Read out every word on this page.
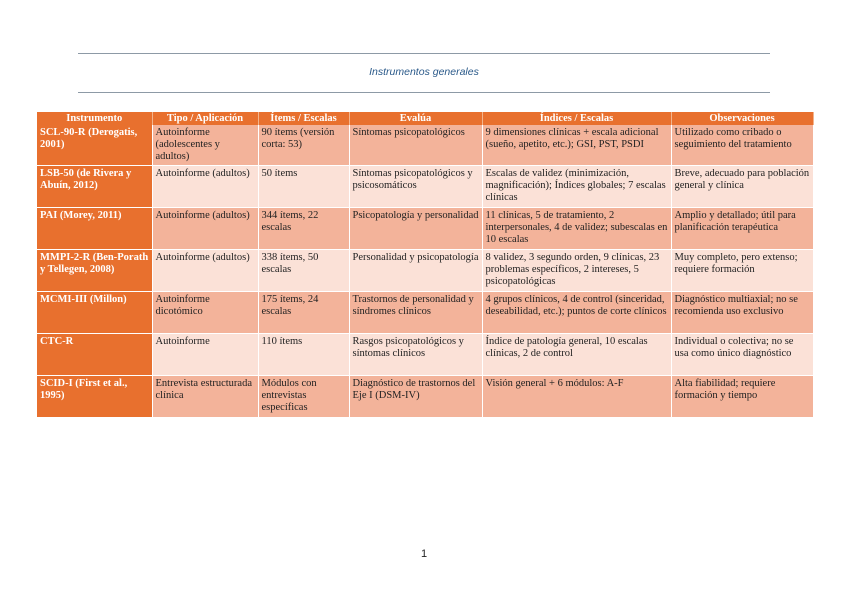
Instrumentos generales
Instrumento	Tipo / Aplicación	Ítems / Escalas	Evalúa	Índices / Escalas	Observaciones
SCL-90-R (Derogatis, 2001)	Autoinforme (adolescentes y adultos)	90 ítems (versión corta: 53)	Síntomas psicopatológicos	9 dimensiones clínicas + escala adicional (sueño, apetito, etc.); GSI, PST, PSDI	Utilizado como cribado o seguimiento del tratamiento
LSB-50 (de Rivera y Abuín, 2012)	Autoinforme (adultos)	50 ítems	Síntomas psicopatológicos y psicosomáticos	Escalas de validez (minimización, magnificación); Índices globales; 7 escalas clínicas	Breve, adecuado para población general y clínica
PAI (Morey, 2011)	Autoinforme (adultos)	344 ítems, 22 escalas	Psicopatología y personalidad	11 clínicas, 5 de tratamiento, 2 interpersonales, 4 de validez; subescalas en 10 escalas	Amplio y detallado; útil para planificación terapéutica
MMPI-2-R (Ben-Porath y Tellegen, 2008)	Autoinforme (adultos)	338 ítems, 50 escalas	Personalidad y psicopatología	8 validez, 3 segundo orden, 9 clínicas, 23 problemas específicos, 2 intereses, 5 psicopatológicas	Muy completo, pero extenso; requiere formación
MCMI-III (Millon)	Autoinforme dicotómico	175 ítems, 24 escalas	Trastornos de personalidad y síndromes clínicos	4 grupos clínicos, 4 de control (sinceridad, deseabilidad, etc.); puntos de corte clínicos	Diagnóstico multiaxial; no se recomienda uso exclusivo
CTC-R	Autoinforme	110 ítems	Rasgos psicopatológicos y síntomas clínicos	Índice de patología general, 10 escalas clínicas, 2 de control	Individual o colectiva; no se usa como único diagnóstico
SCID-I (First et al., 1995)	Entrevista estructurada clínica	Módulos con entrevistas específicas	Diagnóstico de trastornos del Eje I (DSM-IV)	Visión general + 6 módulos: A-F	Alta fiabilidad; requiere formación y tiempo
1
